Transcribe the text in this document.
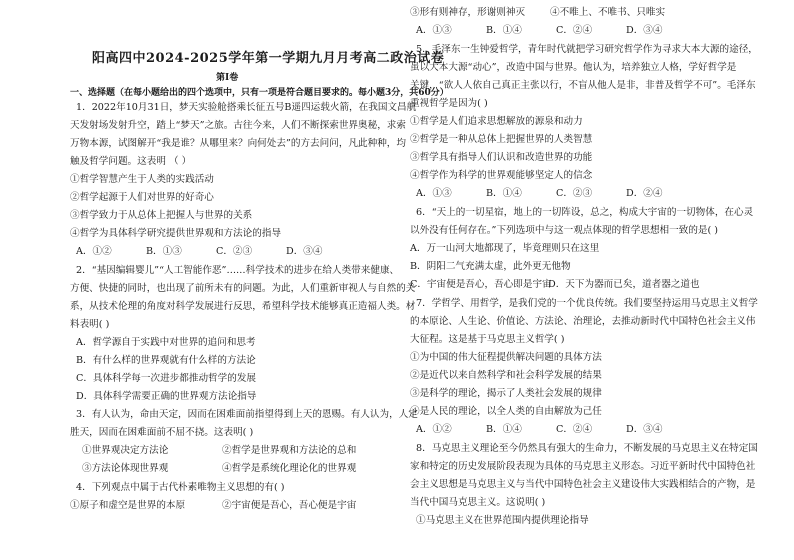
阳高四中2024-2025学年第一学期九月月考高二政治试卷
第Ⅰ卷
一、选择题（在每小题给出的四个选项中，只有一项是符合题目要求的。每小题3分，共60分）
1．2022年10月31日，梦天实验舱搭乘长征五号B遥四运载火箭，在我国文昌航
天发射场发射升空，踏上“梦天”之旅。古往今来，人们不断探索世界奥秘，求索
万物本源，试图解开“我是谁？从哪里来？向何处去”的方去问问，凡此种种，均
触及哲学问题。这表明 （ ）
①哲学智慧产生于人类的实践活动
②哲学起源于人们对世界的好奇心
③哲学致力于从总体上把握人与世界的关系
④哲学为具体科学研究提供世界观和方法论的指导
A．①②	B．①③	C．②③	D．③④
2．“基因编辑婴儿”“人工智能作恶”……科学技术的进步在给人类带来健康、
方便、快捷的同时，也出现了前所未有的问题。为此，人们重新审视人与自然的关
系，从技术伦理的角度对科学发展进行反思，希望科学技术能够真正造福人类。材
料表明( )
A．哲学源自于实践中对世界的追问和思考
B．有什么样的世界观就有什么样的方法论
C．具体科学每一次进步都推动哲学的发展
D．具体科学需要正确的世界观方法论指导
3．有人认为，命由天定，因而在困难面前指望得到上天的恩赐。有人认为，人定
胜天，因而在困难面前不屈不挠。这表明( )
①世界观决定方法论	②哲学是世界观和方法论的总和
③方法论体现世界观	④哲学是系统化理论化的世界观
4．下列观点中属于古代朴素唯物主义思想的有( )
①原子和虚空是世界的本原	②宇宙便是吾心，吾心便是宇宙
③形有则神存，形谢则神灭	④不唯上、不唯书、只唯实
A．①③	B．①④	C．②④	D．③④
5．毛泽东一生钟爱哲学，青年时代就把学习研究哲学作为寻求大本大源的途径，
虽以大本大源“动心”，改造中国与世界。他认为，培养独立人格，学好哲学是
关键，“欲人人依自己真正主张以行，不盲从他人是非，非普及哲学不可”。毛泽东
重视哲学是因为( )
①哲学是人们追求思想解放的源泉和动力
②哲学是一种从总体上把握世界的人类智慧
③哲学具有指导人们认识和改造世界的功能
④哲学作为科学的世界观能够坚定人的信念
A．①③	B．①④	C．②③	D．②④
6．“天上的一切星宿，地上的一切阵设，总之，构成大宇宙的一切物体，在心灵
以外没有任何存在。”下列选项中与这一观点体现的哲学思想相一致的是( )
A．万一山河大地都现了，毕竟理则只在这里
B．阴阳二气充满太虚，此外更无他物
C．宇宙便是吾心，吾心即是宇宙D．天下为器而已矣，道者器之道也
7．学哲学、用哲学，是我们党的一个优良传统。我们要坚持运用马克思主义哲学
的本原论、人生论、价值论、方法论、治理论，去推动新时代中国特色社会主义伟
大征程。这是基于马克思主义哲学( )
①为中国的伟大征程提供解决问题的具体方法
②是近代以来自然科学和社会科学发展的结果
③是科学的理论，揭示了人类社会发展的规律
④是人民的理论，以全人类的自由解放为己任
A．①②	B．①④	C．②④	D．③④
8．马克思主义理论至今仍然具有强大的生命力，不断发展的马克思主义在特定国
家和特定的历史发展阶段表现为具体的马克思主义形态。习近平新时代中国特色社
会主义思想是马克思主义与当代中国特色社会主义建设伟大实践相结合的产物，是
当代中国马克思主义。这说明( )
①马克思主义在世界范围内提供理论指导
